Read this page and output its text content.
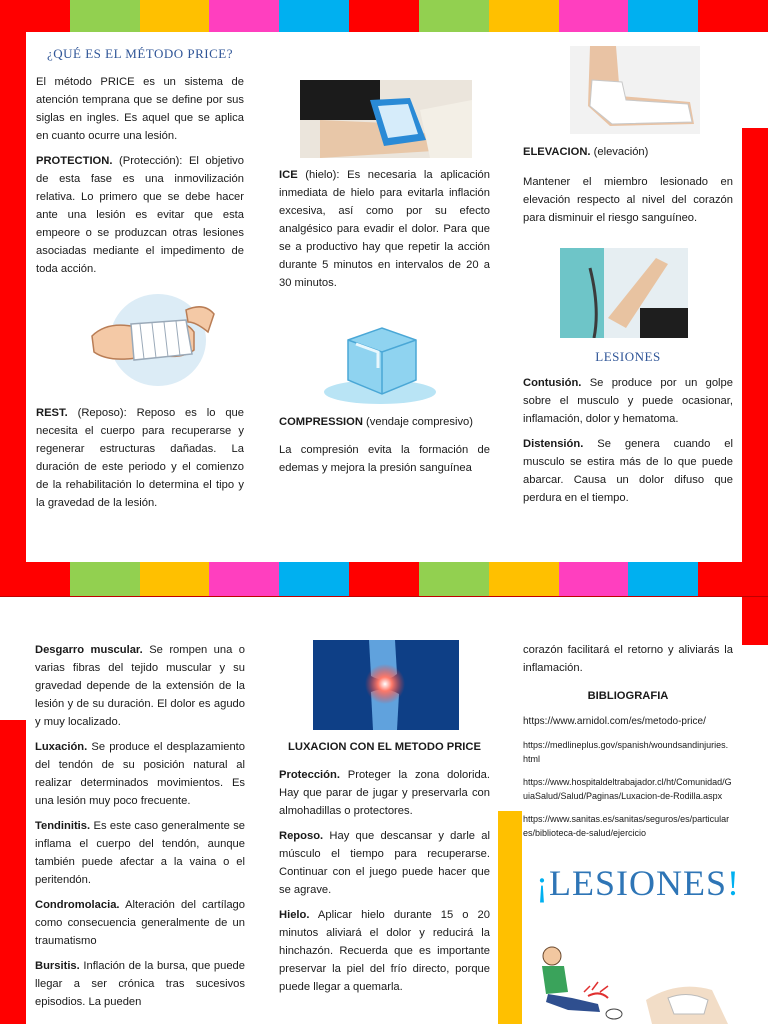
¿QUÉ ES EL MÉTODO PRICE?

El método PRICE es un sistema de atención temprana que se define por sus siglas en ingles. Es aquel que se aplica en cuanto ocurre una lesión.

PROTECTION. (Protección): El objetivo de esta fase es una inmovilización relativa. Lo primero que se debe hacer ante una lesión es evitar que esta empeore o se produzcan otras lesiones asociadas mediante el impedimento de toda acción.

REST. (Reposo): Reposo es lo que necesita el cuerpo para recuperarse y regenerar estructuras dañadas. La duración de este periodo y el comienzo de la rehabilitación lo determina el tipo y la gravedad de la lesión.

ICE (hielo): Es necesaria la aplicación inmediata de hielo para evitarla inflación excesiva, así como por su efecto analgésico para evadir el dolor. Para que se a productivo hay que repetir la acción durante 5 minutos en intervalos de 20 a 30 minutos.

COMPRESSION (vendaje compresivo)

La compresión evita la formación de edemas y mejora la presión sanguínea

ELEVACION. (elevación)

Mantener el miembro lesionado en elevación respecto al nivel del corazón para disminuir el riesgo sanguíneo.

LESIONES

Contusión. Se produce por un golpe sobre el musculo y puede ocasionar, inflamación, dolor y hematoma.

Distensión. Se genera cuando el musculo se estira más de lo que puede abarcar. Causa un dolor difuso que perdura en el tiempo.

Desgarro muscular. Se rompen una o varias fibras del tejido muscular y su gravedad depende de la extensión de la lesión y de su duración. El dolor es agudo y muy localizado.

Luxación. Se produce el desplazamiento del tendón de su posición natural al realizar determinados movimientos. Es una lesión muy poco frecuente.

Tendinitis. Es este caso generalmente se inflama el cuerpo del tendón, aunque también puede afectar a la vaina o el peritendón.

Condromolacia. Alteración del cartílago como consecuencia generalmente de un traumatismo

Bursitis. Inflación de la bursa, que puede llegar a ser crónica tras sucesivos episodios. La pueden

LUXACION CON EL METODO PRICE

Protección. Proteger la zona dolorida. Hay que parar de jugar y preservarla con almohadillas o protectores.

Reposo. Hay que descansar y darle al músculo el tiempo para recuperarse. Continuar con el juego puede hacer que se agrave.

Hielo. Aplicar hielo durante 15 o 20 minutos aliviará el dolor y reducirá la hinchazón. Recuerda que es importante preservar la piel del frío directo, porque puede llegar a quemarla.

corazón facilitará el retorno y aliviarás la inflamación.

BIBLIOGRAFIA

https://www.arnidol.com/es/metodo-price/
https://medlineplus.gov/spanish/woundsandinjuries.html
https://www.hospitaldeltrabajador.cl/ht/Comunidad/GuiaSalud/Salud/Paginas/Luxacion-de-Rodilla.aspx
https://www.sanitas.es/sanitas/seguros/es/particulares/biblioteca-de-salud/ejercicio
¡LESIONES!
